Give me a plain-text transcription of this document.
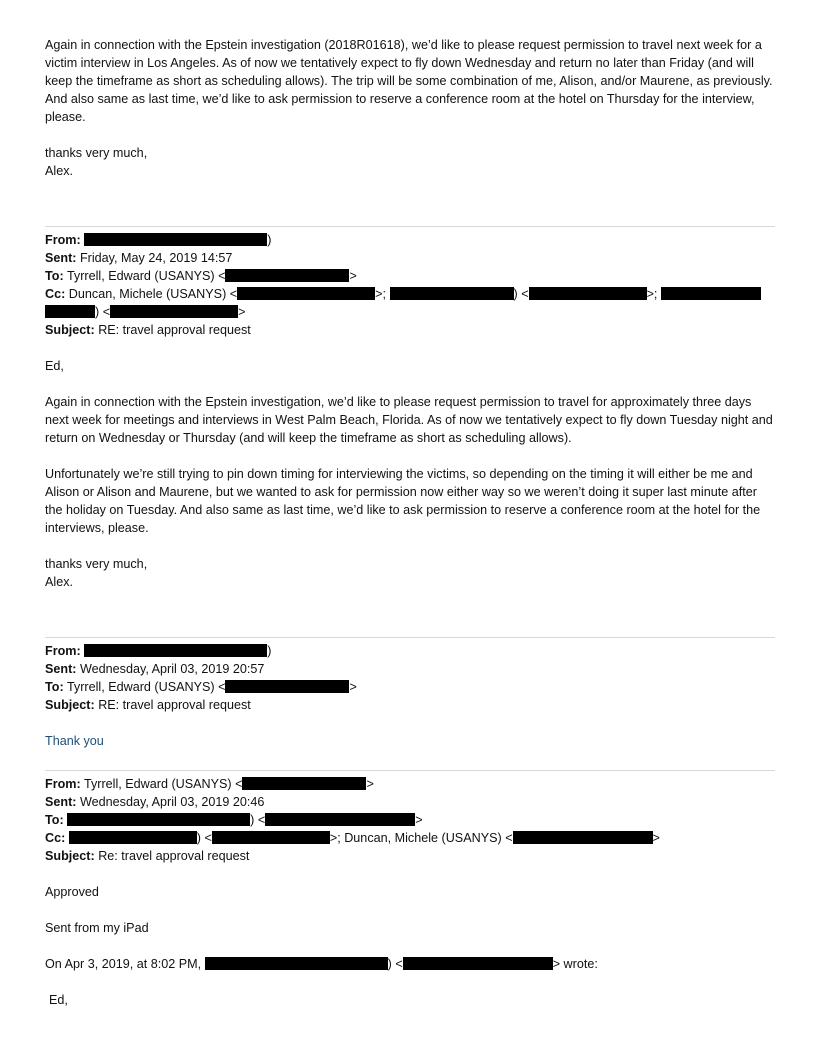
Again in connection with the Epstein investigation (2018R01618), we’d like to please request permission to travel next week for a victim interview in Los Angeles. As of now we tentatively expect to fly down Wednesday and return no later than Friday (and will keep the timeframe as short as scheduling allows). The trip will be some combination of me, Alison, and/or Maurene, as previously. And also same as last time, we’d like to ask permission to reserve a conference room at the hotel on Thursday for the interview, please.

thanks very much,

Alex.

From:	)
Sent: Friday, May 24, 2019 14:57
To: Tyrrell, Edward (USANYS) <	>
Cc: Duncan, Michele (USANYS) <	>;	) <	>;
) <	>
Subject: RE: travel approval request

Ed,

Again in connection with the Epstein investigation, we’d like to please request permission to travel for approximately three days next week for meetings and interviews in West Palm Beach, Florida. As of now we tentatively expect to fly down Tuesday night and return on Wednesday or Thursday (and will keep the timeframe as short as scheduling allows).

Unfortunately we’re still trying to pin down timing for interviewing the victims, so depending on the timing it will either be me and Alison or Alison and Maurene, but we wanted to ask for permission now either way so we weren’t doing it super last minute after the holiday on Tuesday. And also same as last time, we’d like to ask permission to reserve a conference room at the hotel for the interviews, please.

thanks very much,

Alex.

From:	)
Sent: Wednesday, April 03, 2019 20:57
To: Tyrrell, Edward (USANYS) <	>
Subject: RE: travel approval request

Thank you

From: Tyrrell, Edward (USANYS) <	>
Sent: Wednesday, April 03, 2019 20:46
To:	) <	>
Cc:	) <	>; Duncan, Michele (USANYS) <	>
Subject: Re: travel approval request

Approved

Sent from my iPad

On Apr 3, 2019, at 8:02 PM,	) <	> wrote:

Ed,
